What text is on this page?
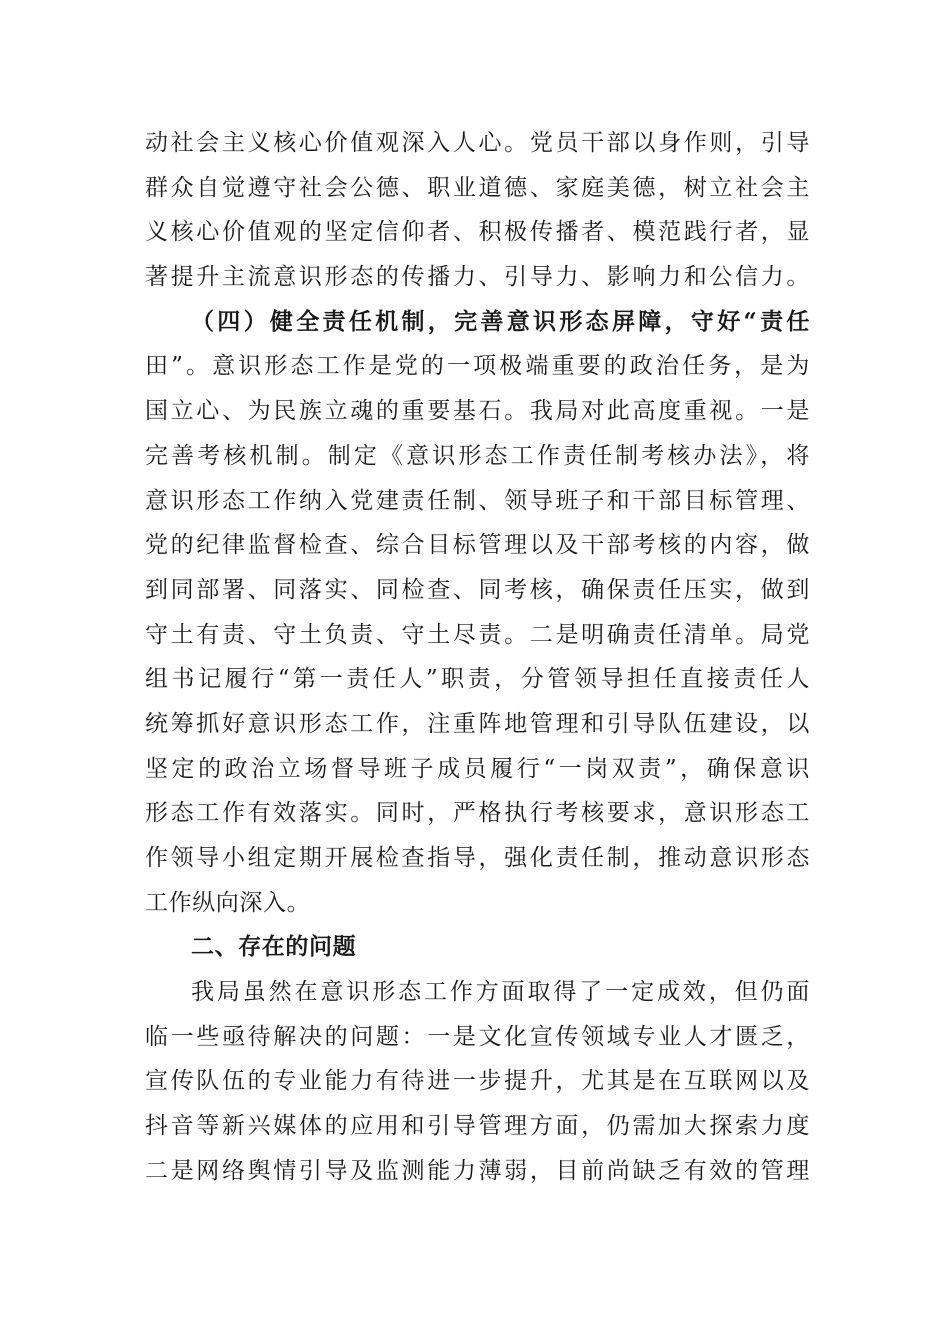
动社会主义核心价值观深入人心。党员干部以身作则，引导
群众自觉遵守社会公德、职业道德、家庭美德，树立社会主
义核心价值观的坚定信仰者、积极传播者、模范践行者，显
著提升主流意识形态的传播力、引导力、影响力和公信力。
（四）健全责任机制，完善意识形态屏障，守好“责任
田”。意识形态工作是党的一项极端重要的政治任务，是为
国立心、为民族立魂的重要基石。我局对此高度重视。一是
完善考核机制。制定《意识形态工作责任制考核办法》，将
意识形态工作纳入党建责任制、领导班子和干部目标管理、
党的纪律监督检查、综合目标管理以及干部考核的内容，做
到同部署、同落实、同检查、同考核，确保责任压实，做到
守土有责、守土负责、守土尽责。二是明确责任清单。局党
组书记履行“第一责任人”职责，分管领导担任直接责任人
统筹抓好意识形态工作，注重阵地管理和引导队伍建设，以
坚定的政治立场督导班子成员履行“一岗双责”，确保意识
形态工作有效落实。同时，严格执行考核要求，意识形态工
作领导小组定期开展检查指导，强化责任制，推动意识形态
工作纵向深入。
二、存在的问题
我局虽然在意识形态工作方面取得了一定成效，但仍面
临一些亟待解决的问题：一是文化宣传领域专业人才匮乏，
宣传队伍的专业能力有待进一步提升，尤其是在互联网以及
抖音等新兴媒体的应用和引导管理方面，仍需加大探索力度
二是网络舆情引导及监测能力薄弱，目前尚缺乏有效的管理
